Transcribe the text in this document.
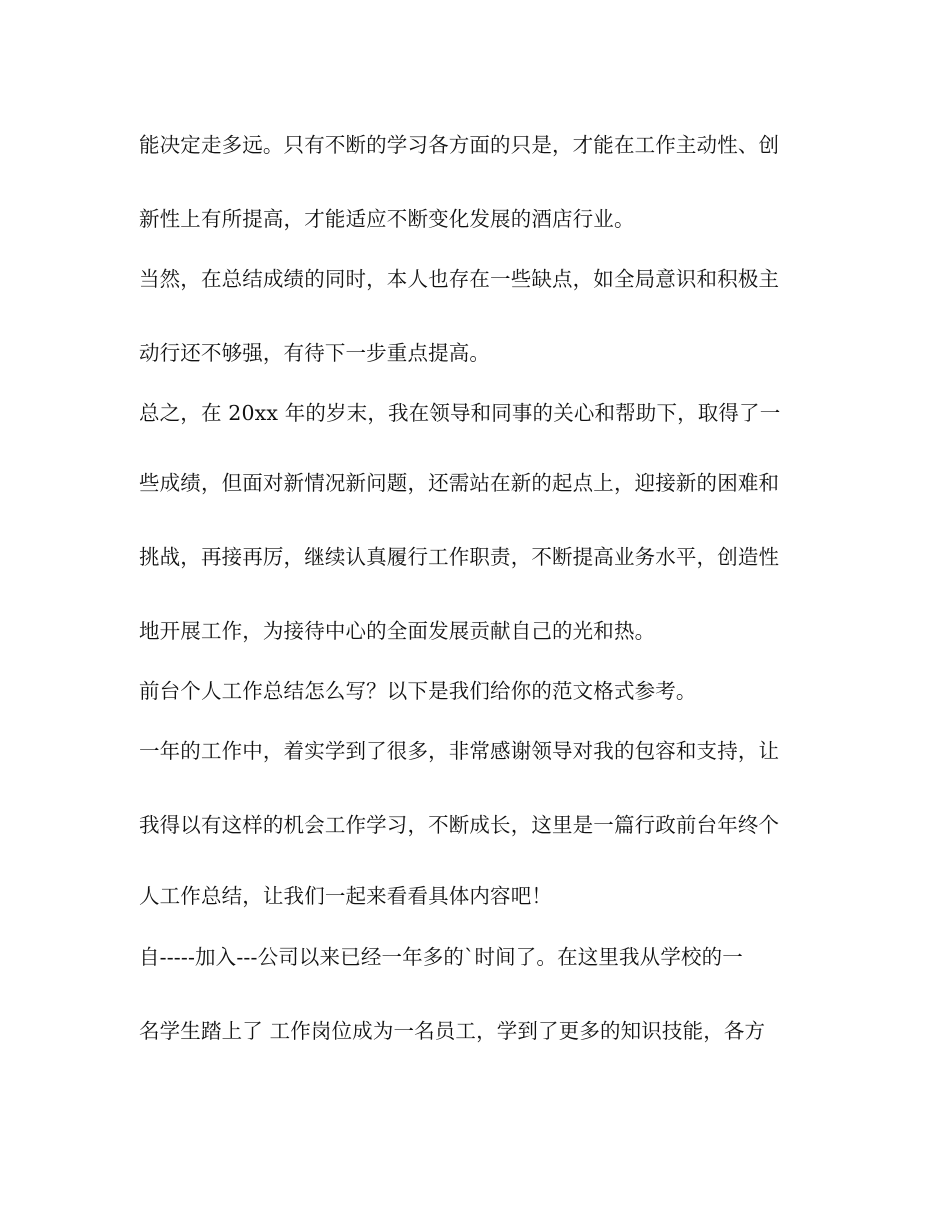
能决定走多远。只有不断的学习各方面的只是，才能在工作主动性、创
新性上有所提高，才能适应不断变化发展的酒店行业。
当然，在总结成绩的同时，本人也存在一些缺点，如全局意识和积极主
动行还不够强，有待下一步重点提高。
总之，在 20xx 年的岁末，我在领导和同事的关心和帮助下，取得了一
些成绩，但面对新情况新问题，还需站在新的起点上，迎接新的困难和
挑战，再接再厉，继续认真履行工作职责，不断提高业务水平，创造性
地开展工作，为接待中心的全面发展贡献自己的光和热。
前台个人工作总结怎么写？以下是我们给你的范文格式参考。
一年的工作中，着实学到了很多，非常感谢领导对我的包容和支持，让
我得以有这样的机会工作学习，不断成长，这里是一篇行政前台年终个
人工作总结，让我们一起来看看具体内容吧！
自-----加入---公司以来已经一年多的`时间了。在这里我从学校的一
名学生踏上了 工作岗位成为一名员工，学到了更多的知识技能，各方
